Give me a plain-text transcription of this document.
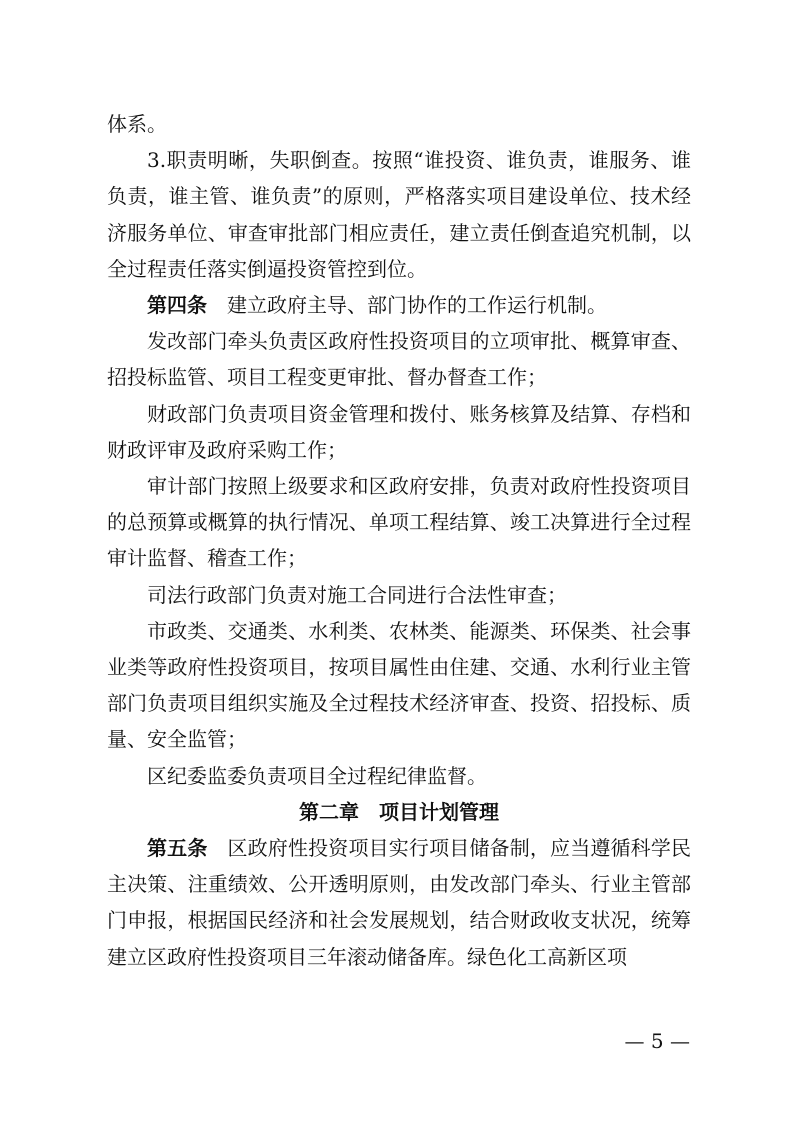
体系。

3.职责明晰，失职倒查。按照“谁投资、谁负责，谁服务、谁负责，谁主管、谁负责”的原则，严格落实项目建设单位、技术经济服务单位、审查审批部门相应责任，建立责任倒查追究机制，以全过程责任落实倒逼投资管控到位。

第四条 建立政府主导、部门协作的工作运行机制。

发改部门牵头负责区政府性投资项目的立项审批、概算审查、招投标监管、项目工程变更审批、督办督查工作；

财政部门负责项目资金管理和拨付、账务核算及结算、存档和财政评审及政府采购工作；

审计部门按照上级要求和区政府安排，负责对政府性投资项目的总预算或概算的执行情况、单项工程结算、竣工决算进行全过程审计监督、稽查工作；

司法行政部门负责对施工合同进行合法性审查；

市政类、交通类、水利类、农林类、能源类、环保类、社会事业类等政府性投资项目，按项目属性由住建、交通、水利行业主管部门负责项目组织实施及全过程技术经济审查、投资、招投标、质量、安全监管；

区纪委监委负责项目全过程纪律监督。

第二章 项目计划管理

第五条 区政府性投资项目实行项目储备制，应当遵循科学民主决策、注重绩效、公开透明原则，由发改部门牵头、行业主管部门申报，根据国民经济和社会发展规划，结合财政收支状况，统筹建立区政府性投资项目三年滚动储备库。绿色化工高新区项

— 5 —
